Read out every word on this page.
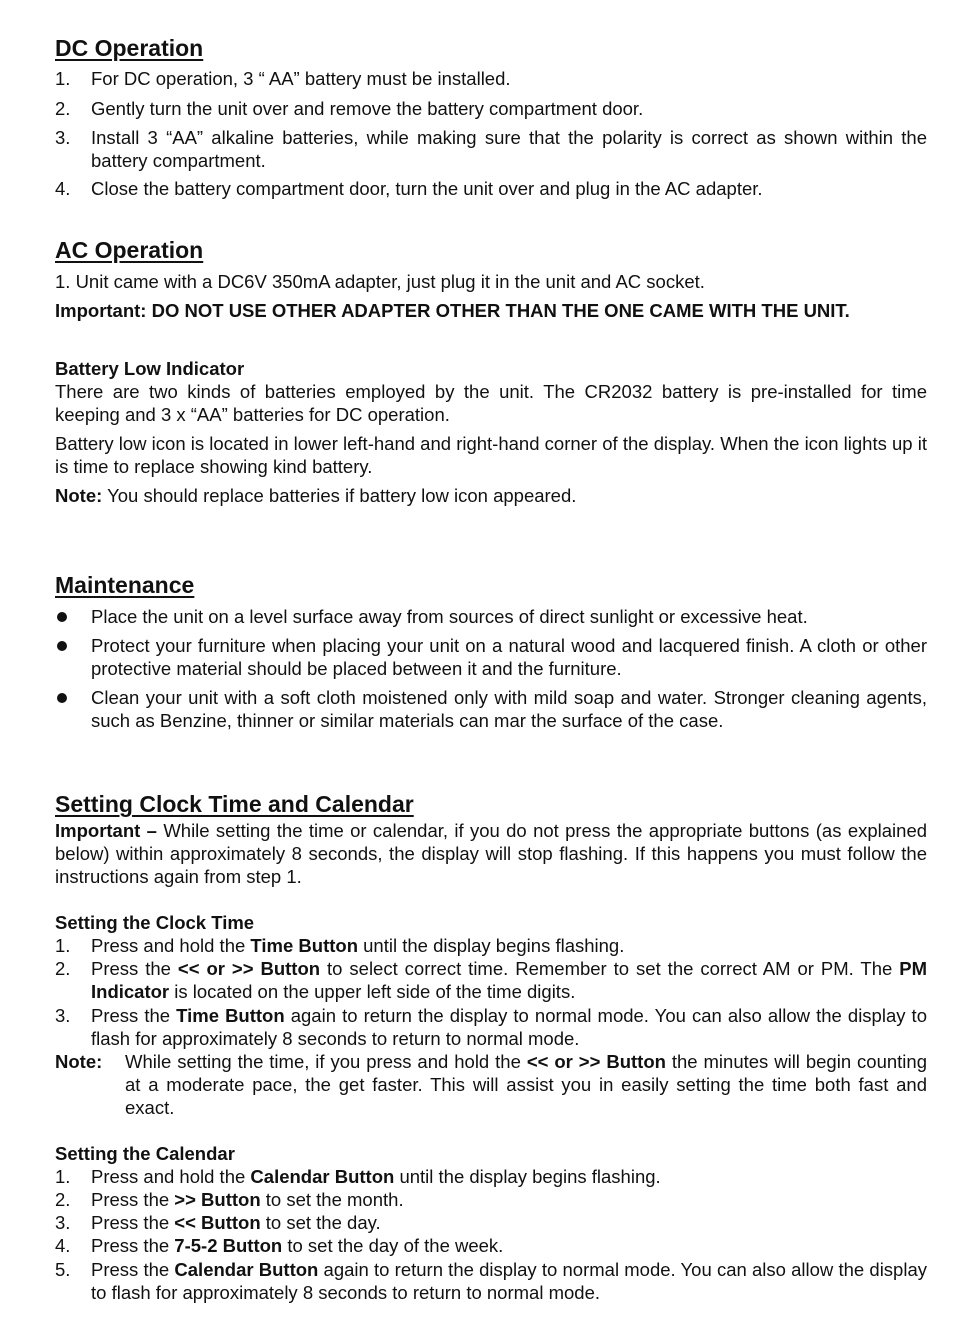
DC Operation
1. For DC operation, 3 “ AA” battery must be installed.
2. Gently turn the unit over and remove the battery compartment door.
3. Install 3 “AA” alkaline batteries, while making sure that the polarity is correct as shown within the battery compartment.
4. Close the battery compartment door, turn the unit over and plug in the AC adapter.
AC Operation
1. Unit came with a DC6V 350mA adapter, just plug it in the unit and AC socket.
Important: DO NOT USE OTHER ADAPTER OTHER THAN THE ONE CAME WITH THE UNIT.
Battery Low Indicator
There are two kinds of batteries employed by the unit. The CR2032 battery is pre-installed for time keeping and 3 x “AA” batteries for DC operation.
Battery low icon is located in lower left-hand and right-hand corner of the display. When the icon lights up it is time to replace showing kind battery.
Note: You should replace batteries if battery low icon appeared.
Maintenance
Place the unit on a level surface away from sources of direct sunlight or excessive heat.
Protect your furniture when placing your unit on a natural wood and lacquered finish. A cloth or other protective material should be placed between it and the furniture.
Clean your unit with a soft cloth moistened only with mild soap and water. Stronger cleaning agents, such as Benzine, thinner or similar materials can mar the surface of the case.
Setting Clock Time and Calendar
Important – While setting the time or calendar, if you do not press the appropriate buttons (as explained below) within approximately 8 seconds, the display will stop flashing. If this happens you must follow the instructions again from step 1.
Setting the Clock Time
1. Press and hold the Time Button until the display begins flashing.
2. Press the << or >> Button to select correct time. Remember to set the correct AM or PM. The PM Indicator is located on the upper left side of the time digits.
3. Press the Time Button again to return the display to normal mode. You can also allow the display to flash for approximately 8 seconds to return to normal mode.
Note: While setting the time, if you press and hold the << or >> Button the minutes will begin counting at a moderate pace, the get faster. This will assist you in easily setting the time both fast and exact.
Setting the Calendar
1. Press and hold the Calendar Button until the display begins flashing.
2. Press the >> Button to set the month.
3. Press the << Button to set the day.
4. Press the 7-5-2 Button to set the day of the week.
5. Press the Calendar Button again to return the display to normal mode. You can also allow the display to flash for approximately 8 seconds to return to normal mode.
